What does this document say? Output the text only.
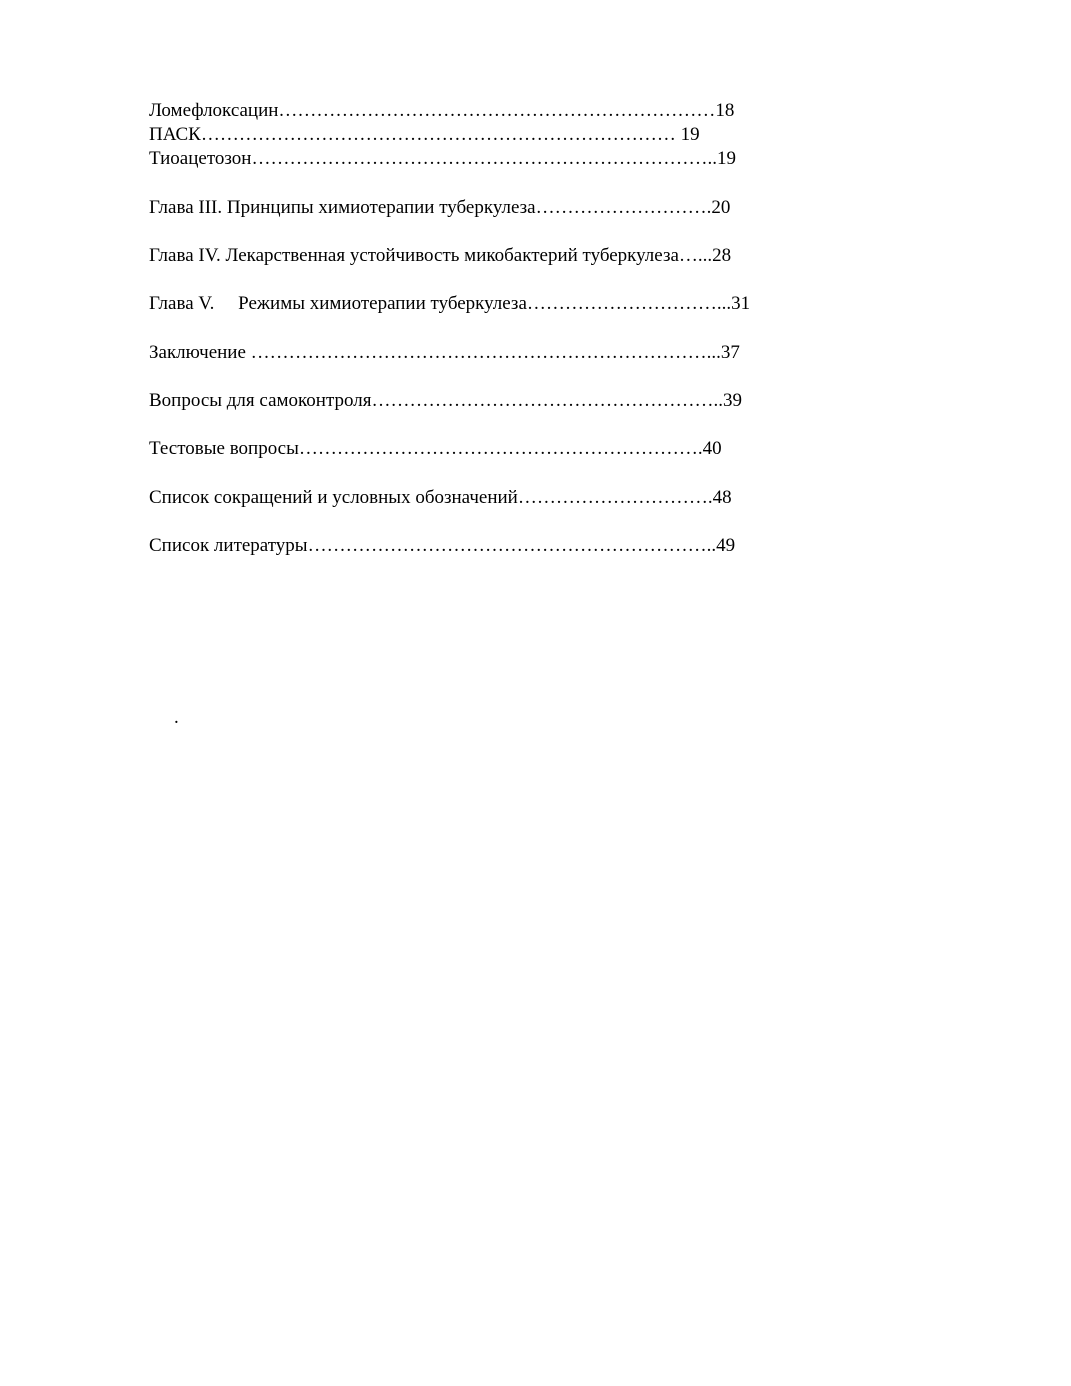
Ломефлоксацин……………………………………………………………18
ПАСК………………………………………………………………… 19
Тиоацетозон………………………………………………………………..19
Глава III. Принципы химиотерапии туберкулеза……………………….20
Глава IV. Лекарственная устойчивость микобактерий туберкулеза…...28
Глава V.     Режимы химиотерапии туберкулеза…………………………...31
Заключение ………………………………………………………………...37
Вопросы для самоконтроля………………………………………………..39
Тестовые вопросы……………………………………………………….40
Список сокращений и условных обозначений………………………….48
Список литературы………………………………………………………..49
.
